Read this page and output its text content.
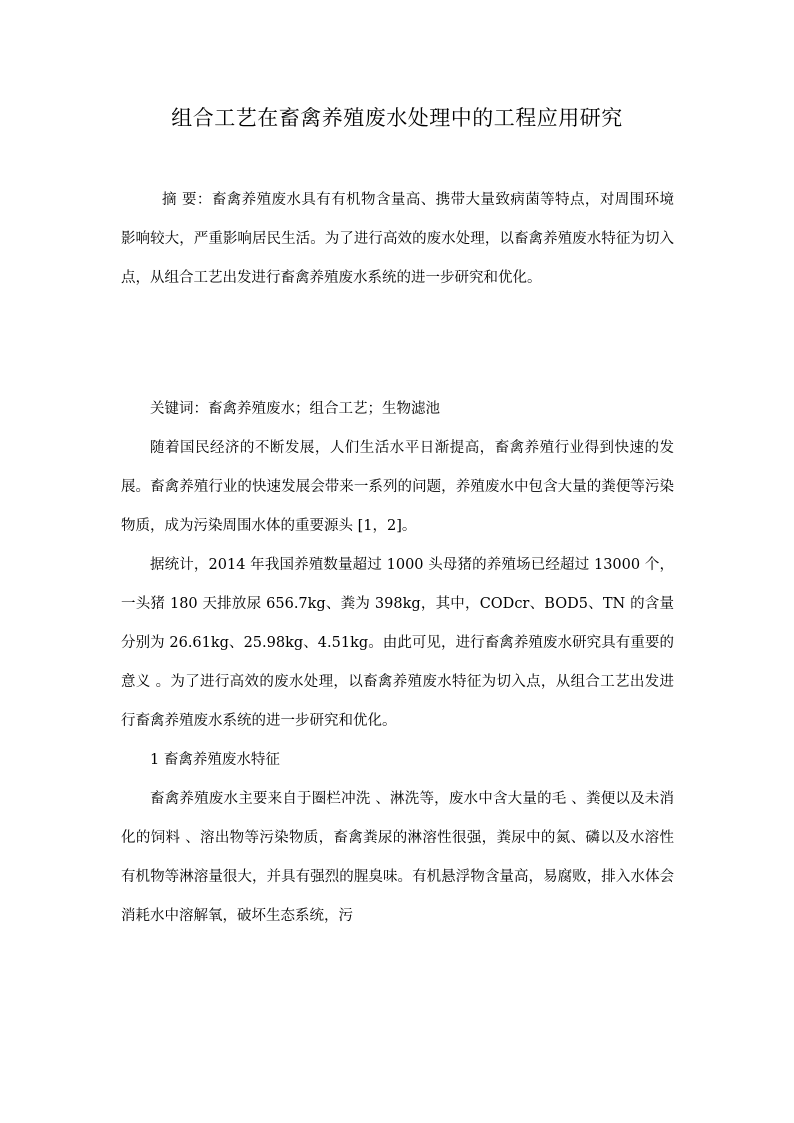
组合工艺在畜禽养殖废水处理中的工程应用研究

摘 要：畜禽养殖废水具有有机物含量高、携带大量致病菌等特点，对周围环境影响较大，严重影响居民生活。为了进行高效的废水处理，以畜禽养殖废水特征为切入点，从组合工艺出发进行畜禽养殖废水系统的进一步研究和优化。

关键词：畜禽养殖废水；组合工艺；生物滤池

随着国民经济的不断发展，人们生活水平日渐提高，畜禽养殖行业得到快速的发展。畜禽养殖行业的快速发展会带来一系列的问题，养殖废水中包含大量的粪便等污染物质，成为污染周围水体的重要源头 [1，2]。

据统计，2014 年我国养殖数量超过 1000 头母猪的养殖场已经超过 13000 个，一头猪 180 天排放尿 656.7kg、粪为 398kg，其中，CODcr、BOD5、TN 的含量分别为 26.61kg、25.98kg、4.51kg。由此可见，进行畜禽养殖废水研究具有重要的意义 。为了进行高效的废水处理，以畜禽养殖废水特征为切入点，从组合工艺出发进行畜禽养殖废水系统的进一步研究和优化。

1 畜禽养殖废水特征

畜禽养殖废水主要来自于圈栏冲洗 、淋洗等，废水中含大量的毛 、粪便以及未消化的饲料 、溶出物等污染物质，畜禽粪尿的淋溶性很强，粪尿中的氮、磷以及水溶性有机物等淋溶量很大，并具有强烈的腥臭味。有机悬浮物含量高，易腐败，排入水体会消耗水中溶解氧，破坏生态系统，污
